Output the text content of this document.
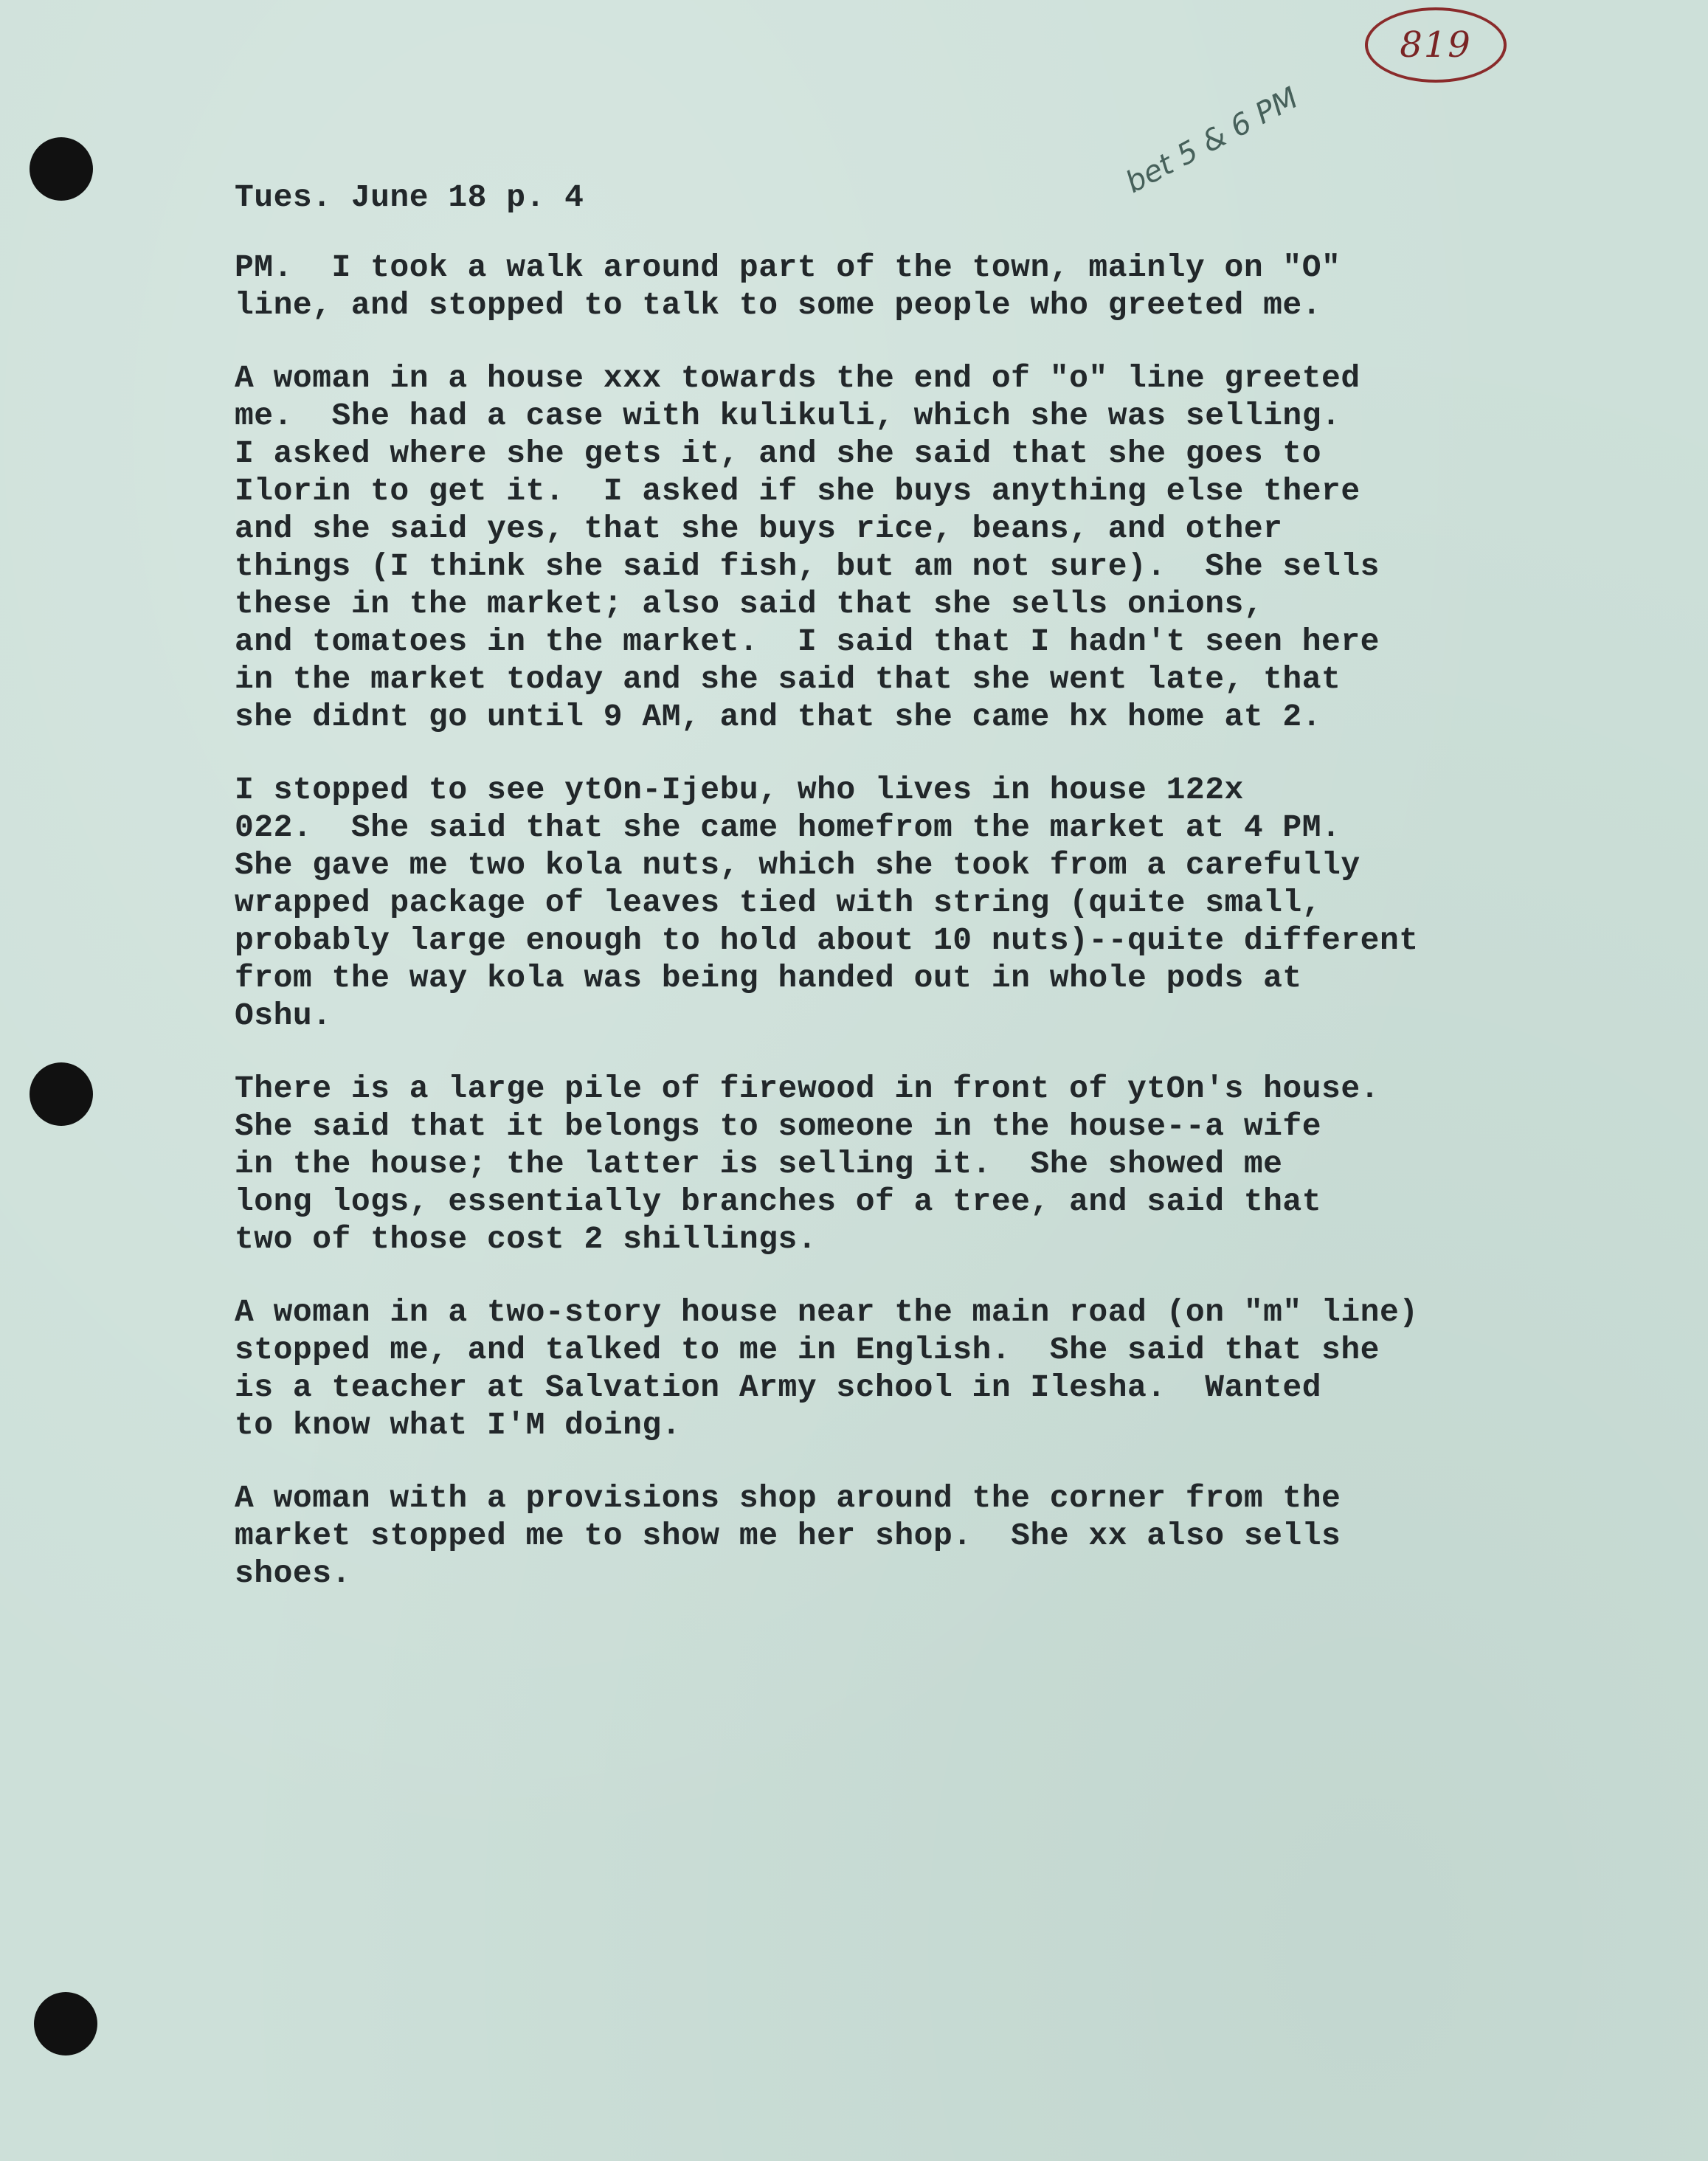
819
bet 5 & 6 PM
Tues. June 18 p. 4
PM.  I took a walk around part of the town, mainly on "O"
line, and stopped to talk to some people who greeted me.
A woman in a house xxx towards the end of "o" line greeted
me.  She had a case with kulikuli, which she was selling.
I asked where she gets it, and she said that she goes to
Ilorin to get it.  I asked if she buys anything else there
and she said yes, that she buys rice, beans, and other
things (I think she said fish, but am not sure).  She sells
these in the market; also said that she sells onions,
and tomatoes in the market.  I said that I hadn't seen here
in the market today and she said that she went late, that
she didnt go until 9 AM, and that she came hx home at 2.
I stopped to see ytOn-Ijebu, who lives in house 122x
022.  She said that she came homefrom the market at 4 PM.
She gave me two kola nuts, which she took from a carefully
wrapped package of leaves tied with string (quite small,
probably large enough to hold about 10 nuts)--quite different
from the way kola was being handed out in whole pods at
Oshu.
There is a large pile of firewood in front of ytOn's house.
She said that it belongs to someone in the house--a wife
in the house; the latter is selling it.  She showed me
long logs, essentially branches of a tree, and said that
two of those cost 2 shillings.
A woman in a two-story house near the main road (on "m" line)
stopped me, and talked to me in English.  She said that she
is a teacher at Salvation Army school in Ilesha.  Wanted
to know what I'M doing.
A woman with a provisions shop around the corner from the
market stopped me to show me her shop.  She xx also sells
shoes.
